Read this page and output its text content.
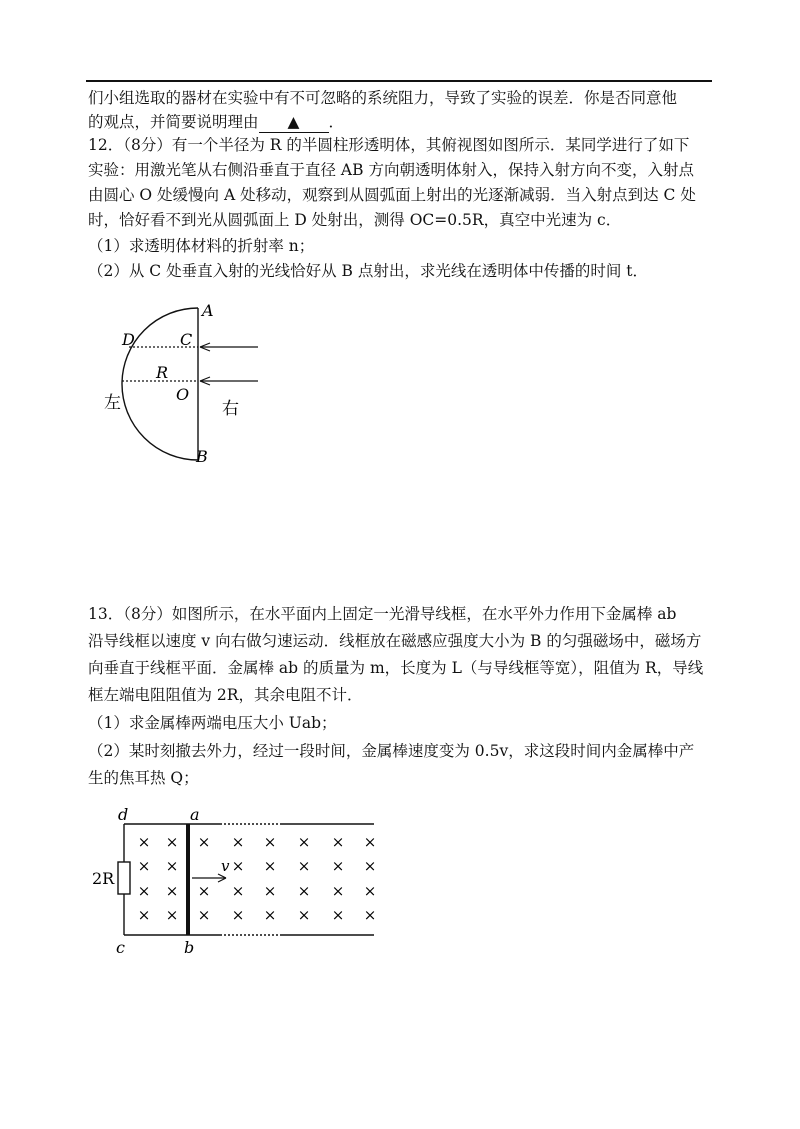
们小组选取的器材在实验中有不可忽略的系统阻力，导致了实验的误差．你是否同意他
的观点，并简要说明理由 ▲ ．
12．（8分）有一个半径为 R 的半圆柱形透明体，其俯视图如图所示．某同学进行了如下
实验：用激光笔从右侧沿垂直于直径 AB 方向朝透明体射入，保持入射方向不变，入射点
由圆心 O 处缓慢向 A 处移动，观察到从圆弧面上射出的光逐渐减弱．当入射点到达 C 处
时，恰好看不到光从圆弧面上 D 处射出，测得 OC=0.5R，真空中光速为 c．
（1）求透明体材料的折射率 n；
（2）从 C 处垂直入射的光线恰好从 B 点射出，求光线在透明体中传播的时间 t．
A
B
C
D
R
O
左	右
13．（8分）如图所示，在水平面内上固定一光滑导线框，在水平外力作用下金属棒 ab
沿导线框以速度 v 向右做匀速运动．线框放在磁感应强度大小为 B 的匀强磁场中，磁场方
向垂直于线框平面．金属棒 ab 的质量为 m，长度为 L（与导线框等宽），阻值为 R，导线
框左端电阻阻值为 2R，其余电阻不计．
（1）求金属棒两端电压大小 Uab；
（2）某时刻撤去外力，经过一段时间，金属棒速度变为 0.5v，求这段时间内金属棒中产
生的焦耳热 Q；
× × × × × × × ×
× ×	× × × × ×
× × × × × × × ×
× × × × × × × ×
d	a
c	b
2R
v
